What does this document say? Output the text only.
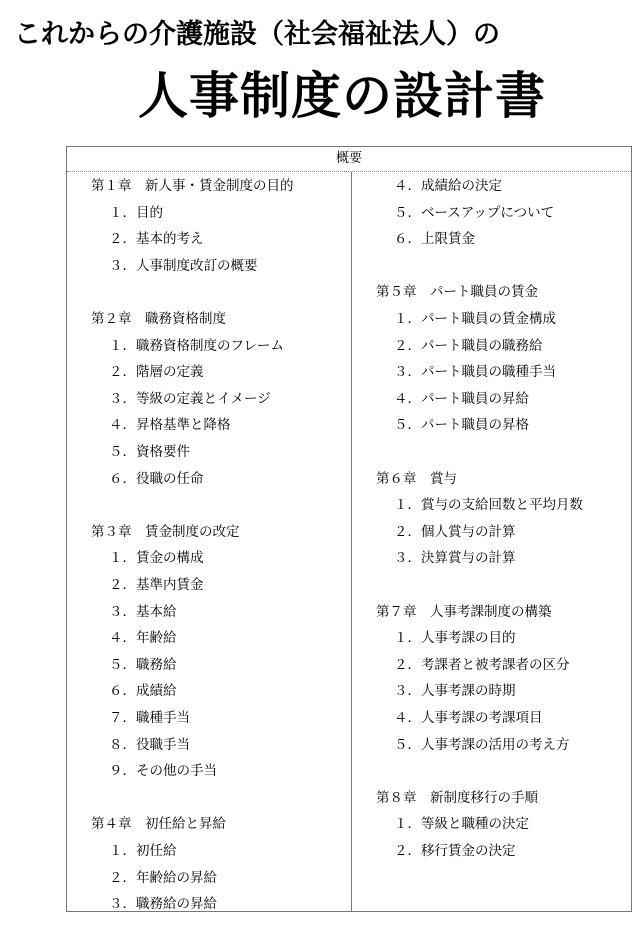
これからの介護施設（社会福祉法人）の
人事制度の設計書
概要
第１章　新人事・賃金制度の目的
１．目的
２．基本的考え
３．人事制度改訂の概要
第２章　職務資格制度
１．職務資格制度のフレーム
２．階層の定義
３．等級の定義とイメージ
４．昇格基準と降格
５．資格要件
６．役職の任命
第３章　賃金制度の改定
１．賃金の構成
２．基準内賃金
３．基本給
４．年齢給
５．職務給
６．成績給
７．職種手当
８．役職手当
９．その他の手当
第４章　初任給と昇給
１．初任給
２．年齢給の昇給
３．職務給の昇給
４．成績給の決定
５．ベースアップについて
６．上限賃金
第５章　パート職員の賃金
１．パート職員の賃金構成
２．パート職員の職務給
３．パート職員の職種手当
４．パート職員の昇給
５．パート職員の昇格
第６章　賞与
１．賞与の支給回数と平均月数
２．個人賞与の計算
３．決算賞与の計算
第７章　人事考課制度の構築
１．人事考課の目的
２．考課者と被考課者の区分
３．人事考課の時期
４．人事考課の考課項目
５．人事考課の活用の考え方
第８章　新制度移行の手順
１．等級と職種の決定
２．移行賃金の決定
